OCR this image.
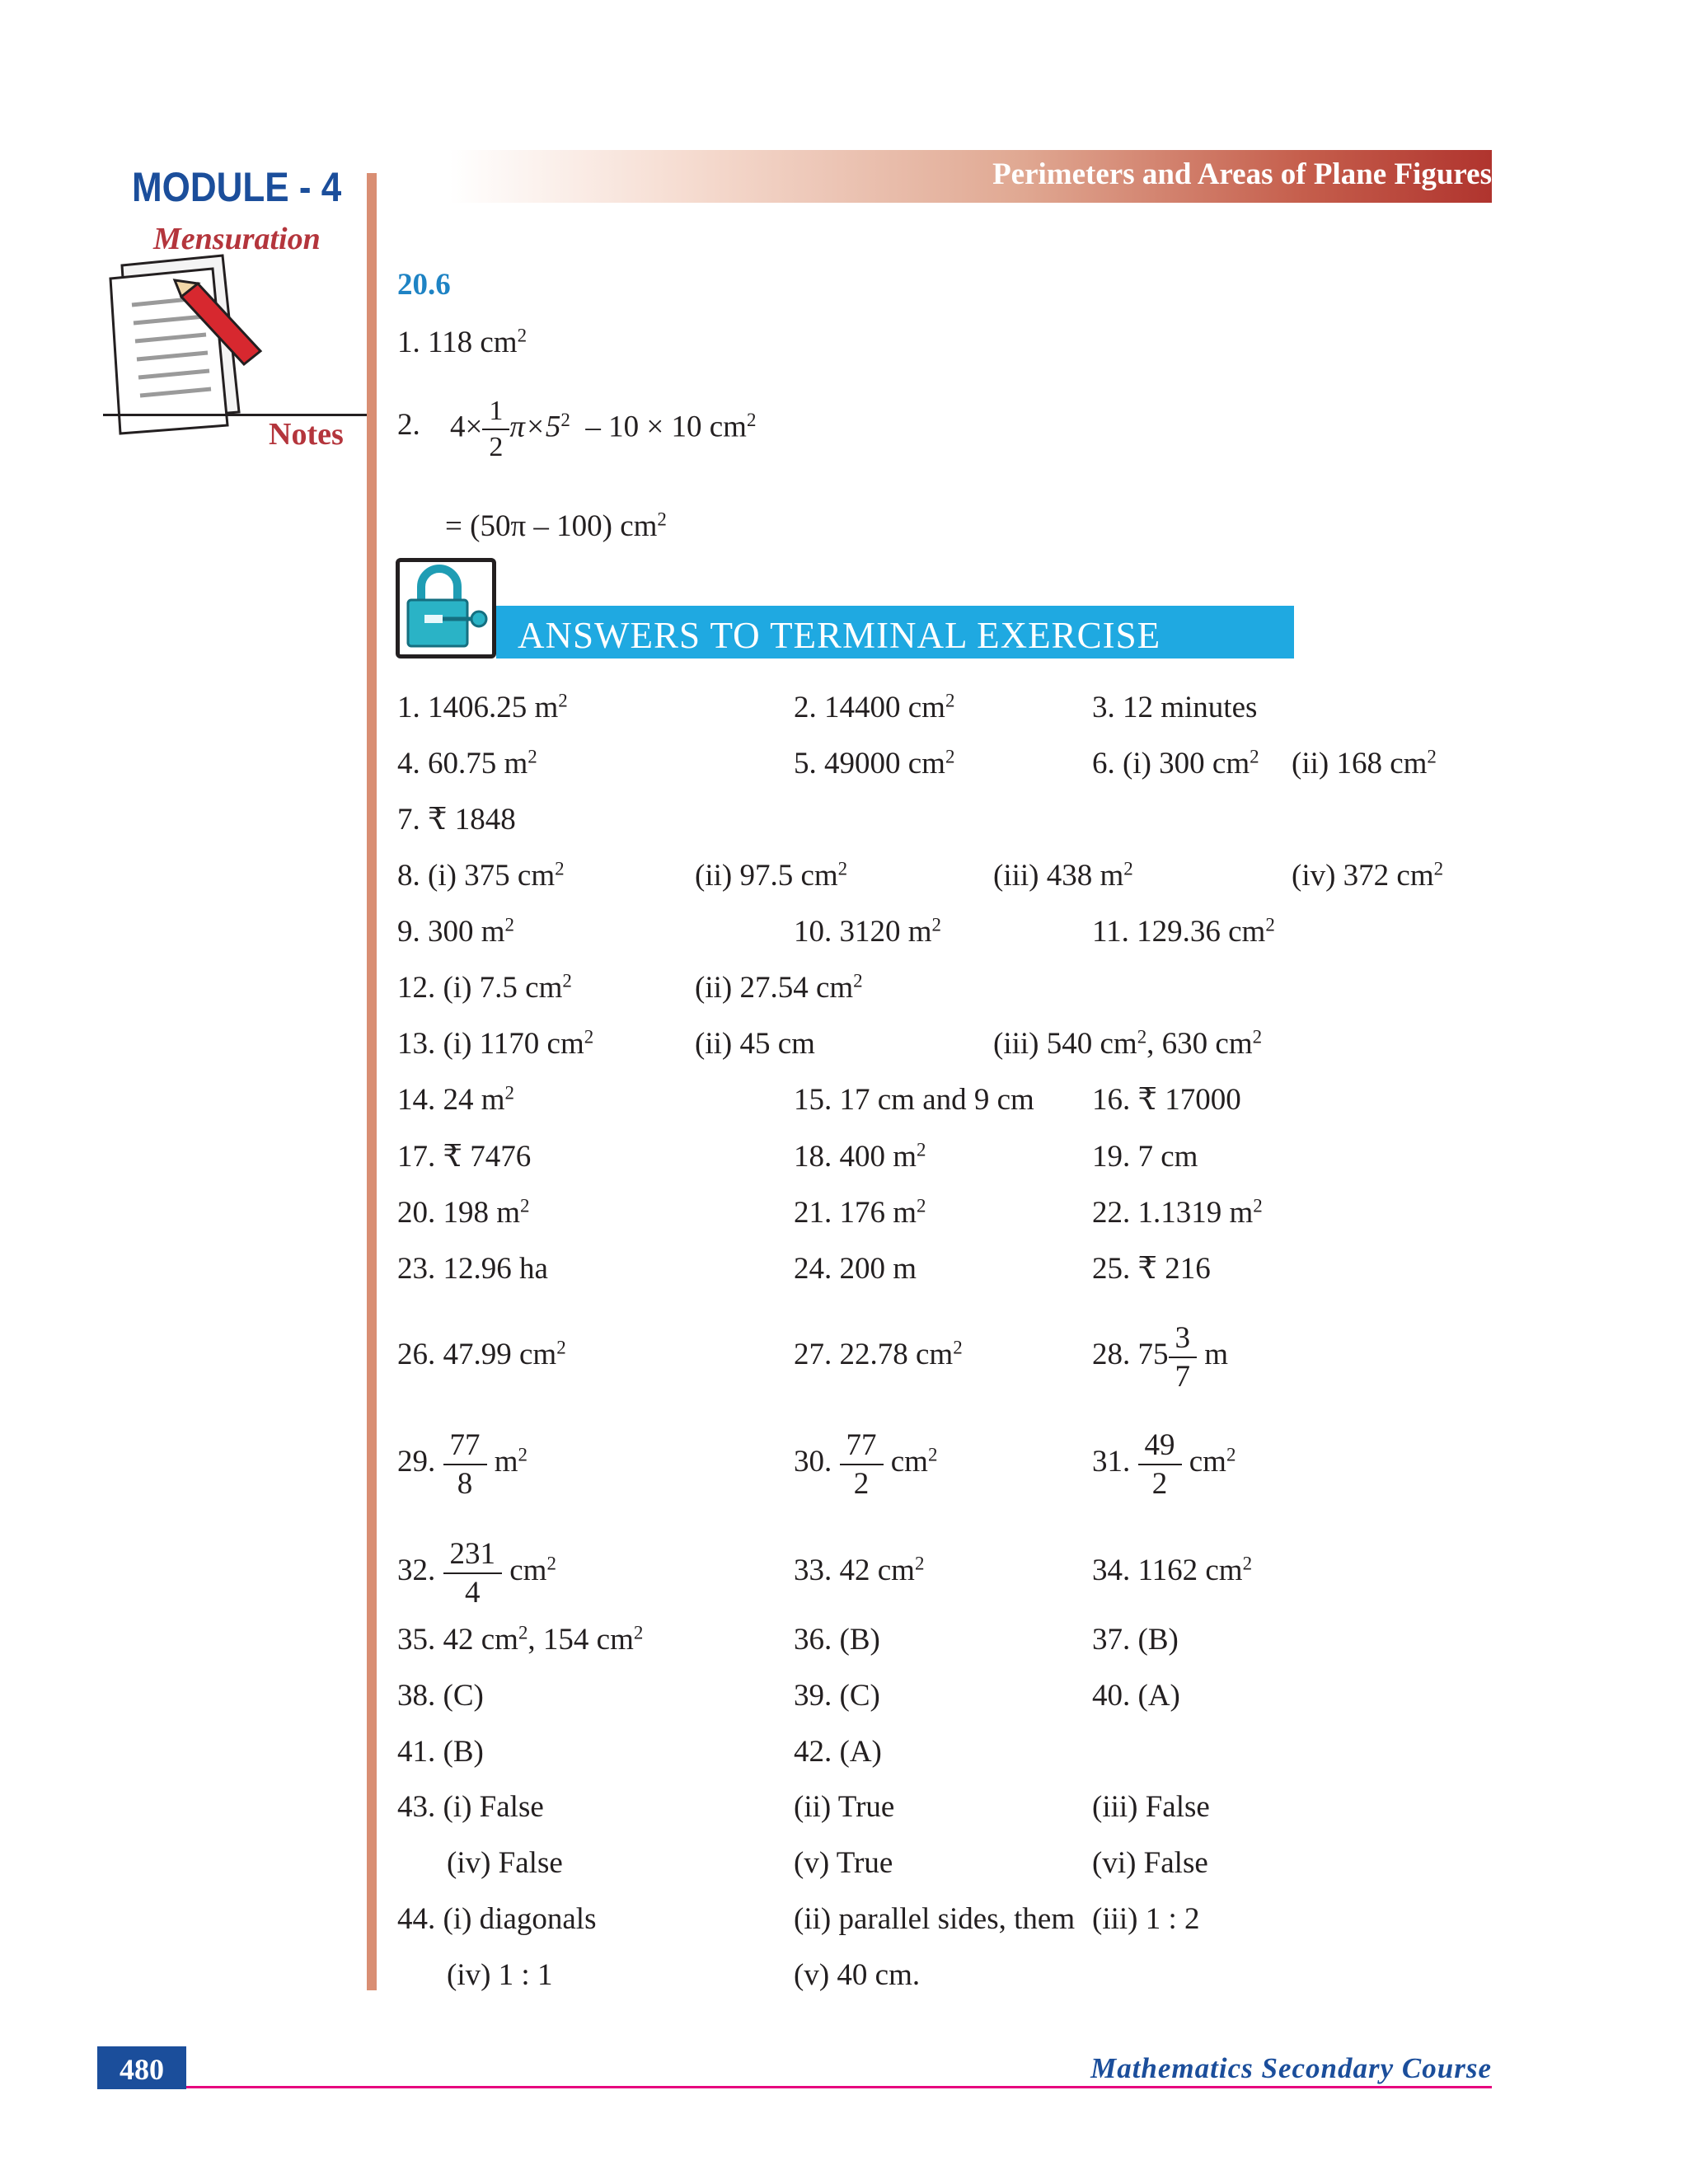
Perimeters and Areas of Plane Figures
MODULE - 4
Mensuration
Notes
20.6
1. 118 $cm^2$
2. $4\times \frac{1}{2} \pi\times 5^2 - 10 \times 10$ $cm^2$
= (50π – 100) $cm^2$
ANSWERS TO TERMINAL EXERCISE
1. 1406.25 $m^2$	2. 14400 $cm^2$	3. 12 minutes
4. 60.75 $m^2$	5. 49000 $cm^2$	6. (i) 300 $cm^2$ (ii) 168 $cm^2$
7. ₹ 1848
8. (i) 375 $cm^2$	(ii) 97.5 $cm^2$	(iii) 438 $m^2$	(iv) 372 $cm^2$
9. 300 $m^2$	10. 3120 $m^2$	11. 129.36 $cm^2$
12. (i) 7.5 $cm^2$	(ii) 27.54 $cm^2$
13. (i) 1170 $cm^2$	(ii) 45 cm	(iii) 540 $cm^2$, 630 $cm^2$
14. 24 $m^2$	15. 17 cm and 9 cm 16. ₹ 17000
17. ₹ 7476	18. 400 $m^2$	19. 7 cm
20. 198 $m^2$	21. 176 $m^2$	22. 1.1319 $m^2$
23. 12.96 ha	24. 200 m	25. ₹ 216
26. 47.99 $cm^2$	27. 22.78 $cm^2$	28. $75 \frac{3}{7}$ m
29. $\frac{77}{8} m^2$	30. $\frac{77}{2} cm^2$	31. $\frac{49}{2} cm^2$
32. $\frac{231}{4} cm^2$	33. 42 $cm^2$	34. 1162 $cm^2$
35. 42 $cm^2$, 154 $cm^2$	36. (B)	37. (B)
38. (C)	39. (C)	40. (A)
41. (B)	42. (A)
43. (i) False	(ii) True	(iii) False
(iv) False	(v) True	(vi) False
44. (i) diagonals	(ii) parallel sides, them (iii) 1 : 2
(iv) 1 : 1	(v) 40 cm.
480	Mathematics Secondary Course
